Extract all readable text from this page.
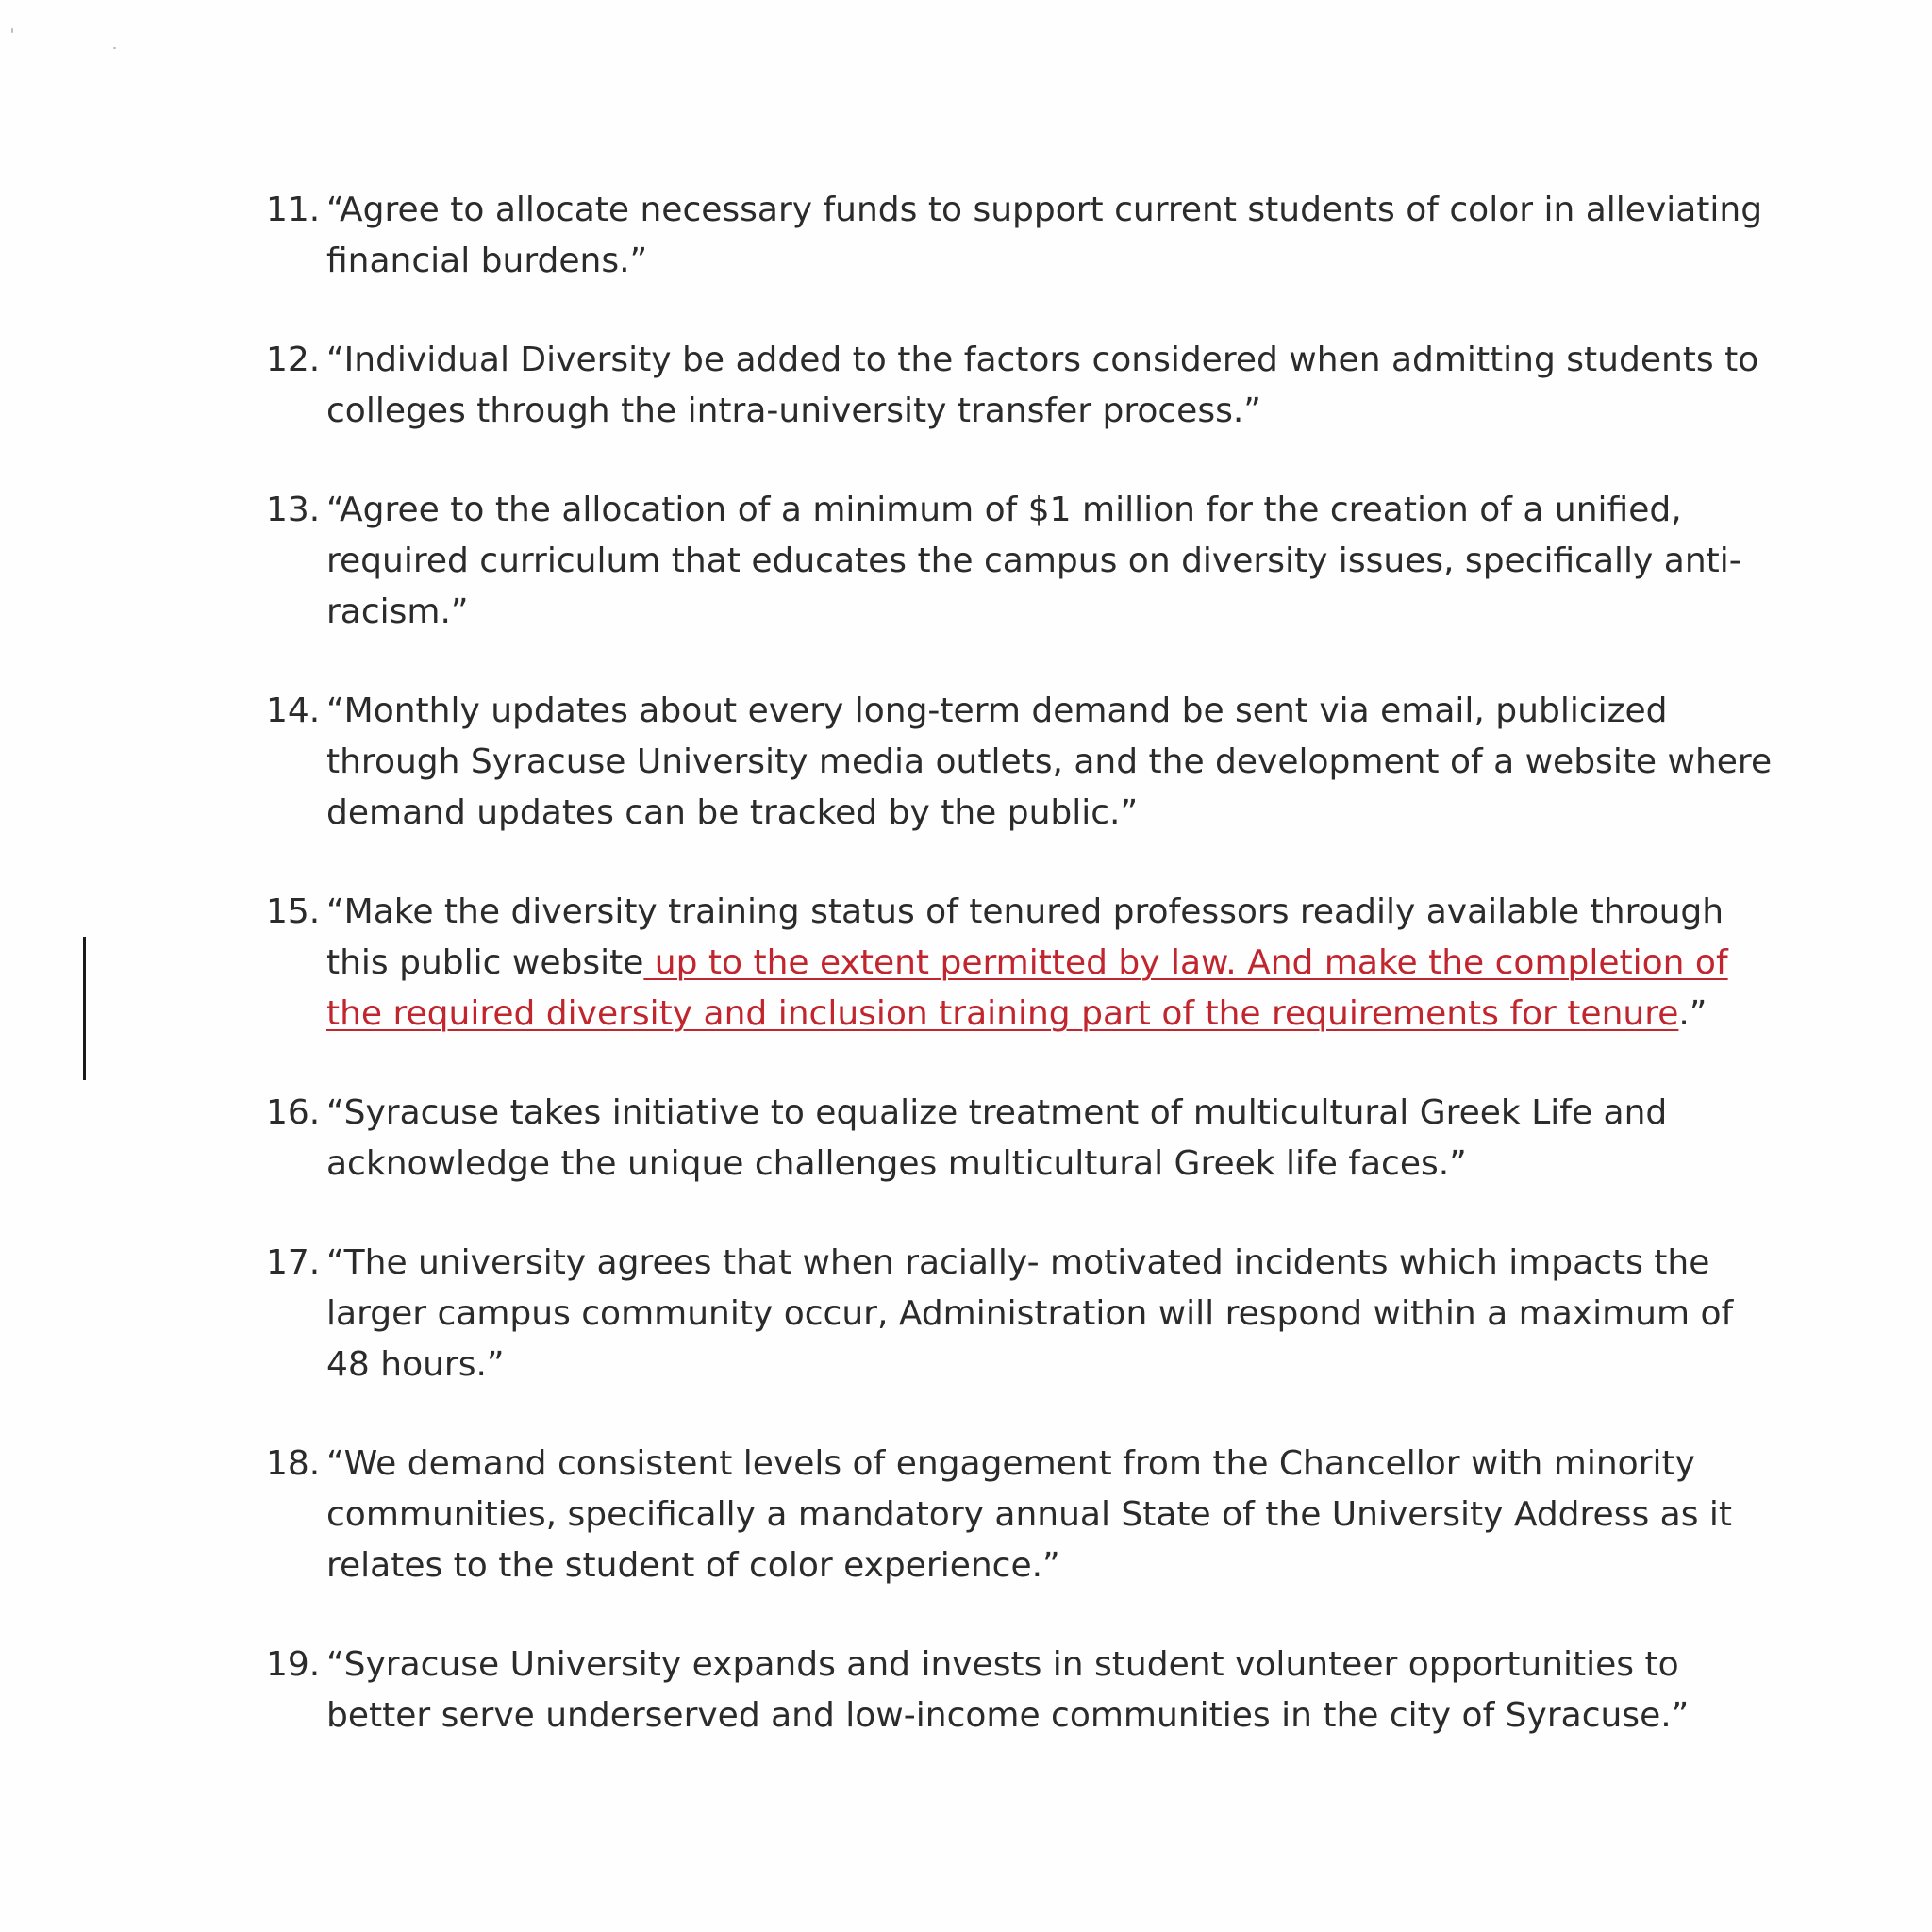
11. “Agree to allocate necessary funds to support current students of color in alleviating financial burdens.”
12. “Individual Diversity be added to the factors considered when admitting students to colleges through the intra-university transfer process.”
13. “Agree to the allocation of a minimum of $1 million for the creation of a unified, required curriculum that educates the campus on diversity issues, specifically anti-racism.”
14. “Monthly updates about every long-term demand be sent via email, publicized through Syracuse University media outlets, and the development of a website where demand updates can be tracked by the public.”
15. “Make the diversity training status of tenured professors readily available through this public website up to the extent permitted by law. And make the completion of the required diversity and inclusion training part of the requirements for tenure.”
16. “Syracuse takes initiative to equalize treatment of multicultural Greek Life and acknowledge the unique challenges multicultural Greek life faces.”
17. “The university agrees that when racially- motivated incidents which impacts the larger campus community occur, Administration will respond within a maximum of 48 hours.”
18. “We demand consistent levels of engagement from the Chancellor with minority communities, specifically a mandatory annual State of the University Address as it relates to the student of color experience.”
19. “Syracuse University expands and invests in student volunteer opportunities to better serve underserved and low-income communities in the city of Syracuse.”
